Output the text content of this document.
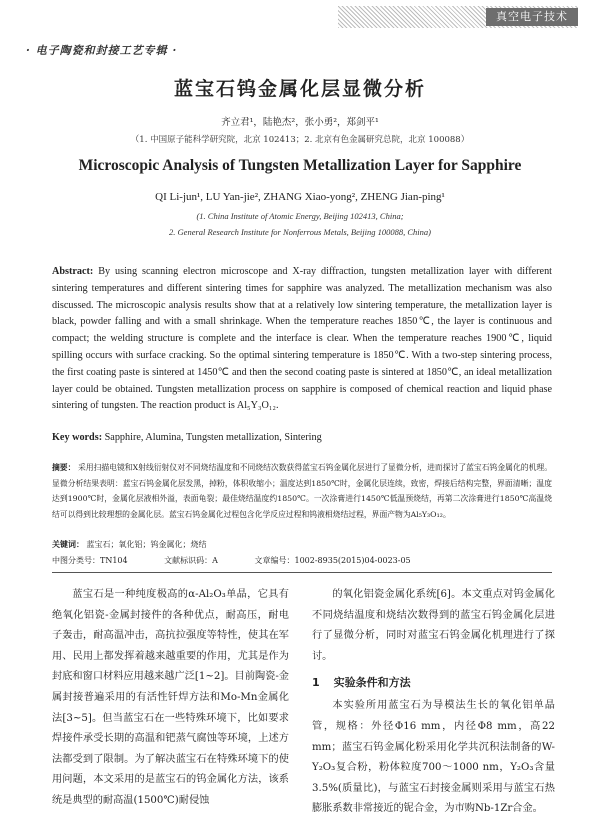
真空电子技术
· 电子陶瓷和封接工艺专辑 ·
蓝宝石钨金属化层显微分析
齐立君¹，陆艳杰²，张小勇²，郑剑平¹
（1. 中国原子能科学研究院，北京 102413；2. 北京有色金属研究总院，北京 100088）
Microscopic Analysis of Tungsten Metallization Layer for Sapphire
QI Li-jun¹, LU Yan-jie², ZHANG Xiao-yong², ZHENG Jian-ping¹
(1. China Institute of Atomic Energy, Beijing 102413, China;
2. General Research Institute for Nonferrous Metals, Beijing 100088, China)
Abstract: By using scanning electron microscope and X-ray diffraction, tungsten metallization layer with different sintering temperatures and different sintering times for sapphire was analyzed. The metallization mechanism was also discussed. The microscopic analysis results show that at a relatively low sintering temperature, the metallization layer is black, powder falling and with a small shrinkage. When the temperature reaches 1850℃, the layer is continuous and compact; the welding structure is complete and the interface is clear. When the temperature reaches 1900℃, liquid spilling occurs with surface cracking. So the optimal sintering temperature is 1850℃. With a two-step sintering process, the first coating paste is sintered at 1450℃ and then the second coating paste is sintered at 1850℃, an ideal metallization layer could be obtained. Tungsten metallization process on sapphire is composed of chemical reaction and liquid phase sintering of tungsten. The reaction product is Al₅Y₃O₁₂.
Key words: Sapphire, Alumina, Tungsten metallization, Sintering
摘要： 采用扫描电镜和X射线衍射仪对不同烧结温度和不同烧结次数获得蓝宝石钨金属化层进行了显微分析，进而探讨了蓝宝石钨金属化的机理。显微分析结果表明：蓝宝石钨金属化层发黑，掉粉，体积收缩小；温度达到1850℃时，金属化层连续，致密，焊接后结构完整，界面清晰；温度达到1900℃时，金属化层液相外溢，表面龟裂；最佳烧结温度约1850℃。一次涂膏进行1450℃低温预烧结，再第二次涂膏进行1850℃高温烧结可以得到比较理想的金属化层。蓝宝石钨金属化过程包含化学反应过程和钨液相烧结过程，界面产物为Al₅Y₃O₁₂。
关键词： 蓝宝石；氧化铝；钨金属化；烧结
中图分类号：TN104	文献标识码：A	文章编号：1002-8935(2015)04-0023-05
蓝宝石是一种纯度极高的α-Al₂O₃单晶，它具有绝氧化铝瓷-金属封接件的各种优点，耐高压，耐电子轰击，耐高温冲击，高抗拉强度等特性，使其在军用、民用上都发挥着越来越重要的作用，尤其是作为封底和窗口材料应用越来越广泛[1~2]。目前陶瓷-金属封接普遍采用的有活性钎焊方法和Mo-Mn金属化法[3~5]。但当蓝宝石在一些特殊环境下，比如要求焊接件承受长期的高温和钯蒸气腐蚀等环境，上述方法都受到了限制。为了解决蓝宝石在特殊环境下的使用问题，本文采用的是蓝宝石的钨金属化方法，该系统是典型的耐高温(1500℃)耐侵蚀

的氧化铝瓷金属化系统[6]。本文重点对钨金属化不同烧结温度和烧结次数得到的蓝宝石钨金属化层进行了显微分析，同时对蓝宝石钨金属化机理进行了探讨。

1 实验条件和方法

本实验所用蓝宝石为导模法生长的氧化铝单晶管，规格：外径Φ16 mm，内径Φ8 mm，高22 mm；蓝宝石钨金属化粉采用化学共沉积法制备的W-Y₂O₃复合粉，粉体粒度700～1000 nm，Y₂O₃含量3.5%(质量比)，与蓝宝石封接金属则采用与蓝宝石热膨胀系数非常接近的铌合金，为市购Nb-1Zr合金。
